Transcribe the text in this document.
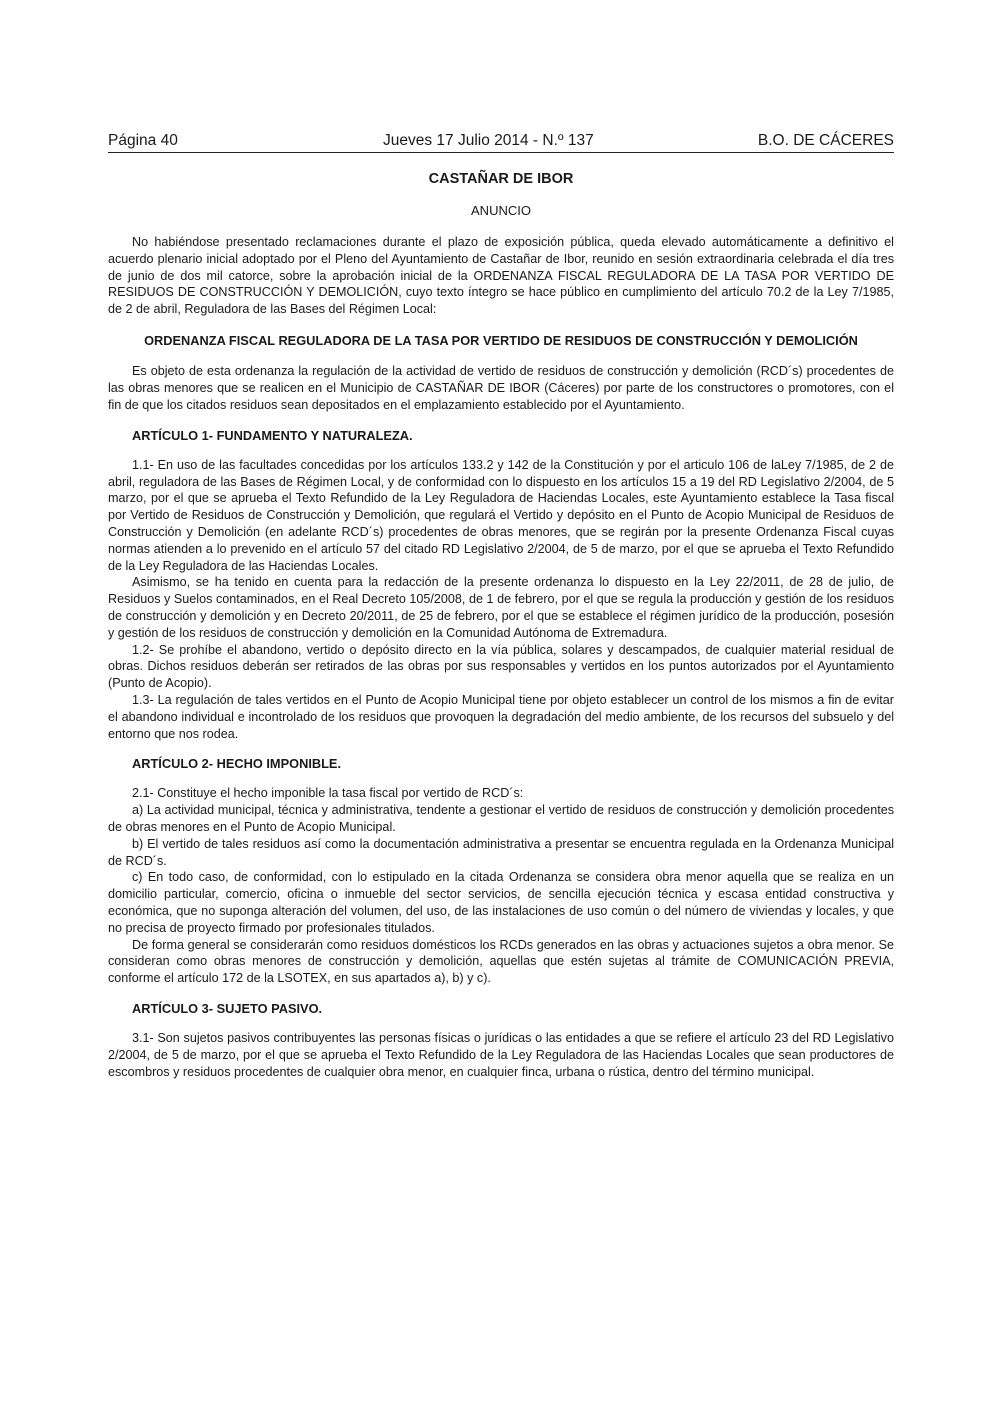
Página 40	Jueves 17 Julio 2014 - N.º 137	B.O. DE CÁCERES
CASTAÑAR DE IBOR
ANUNCIO

No habiéndose presentado reclamaciones durante el plazo de exposición pública, queda elevado automáticamente a definitivo el acuerdo plenario inicial adoptado por el Pleno del Ayuntamiento de Castañar de Ibor, reunido en sesión extraordinaria celebrada el día tres de junio de dos mil catorce, sobre la aprobación inicial de la ORDENANZA FISCAL REGULADORA DE LA TASA POR VERTIDO DE RESIDUOS DE CONSTRUCCIÓN Y DEMOLICIÓN, cuyo texto íntegro se hace público en cumplimiento del artículo 70.2 de la Ley 7/1985, de 2 de abril, Reguladora de las Bases del Régimen Local:

ORDENANZA FISCAL REGULADORA DE LA TASA POR VERTIDO DE RESIDUOS DE CONSTRUCCIÓN Y DEMOLICIÓN

Es objeto de esta ordenanza la regulación de la actividad de vertido de residuos de construcción y demolición (RCD´s) procedentes de las obras menores que se realicen en el Municipio de CASTAÑAR DE IBOR (Cáceres) por parte de los constructores o promotores, con el fin de que los citados residuos sean depositados en el emplazamiento establecido por el Ayuntamiento.

ARTÍCULO 1- FUNDAMENTO Y NATURALEZA.

1.1- En uso de las facultades concedidas por los artículos 133.2 y 142 de la Constitución y por el articulo 106 de laLey 7/1985, de 2 de abril, reguladora de las Bases de Régimen Local, y de conformidad con lo dispuesto en los artículos 15 a 19 del RD Legislativo 2/2004, de 5 marzo, por el que se aprueba el Texto Refundido de la Ley Reguladora de Haciendas Locales, este Ayuntamiento establece la Tasa fiscal por Vertido de Residuos de Construcción y Demolición, que regulará el Vertido y depósito en el Punto de Acopio Municipal de Residuos de Construcción y Demolición (en adelante RCD´s) procedentes de obras menores, que se regirán por la presente Ordenanza Fiscal cuyas normas atienden a lo prevenido en el artículo 57 del citado RD Legislativo 2/2004, de 5 de marzo, por el que se aprueba el Texto Refundido de la Ley Reguladora de las Haciendas Locales.

Asimismo, se ha tenido en cuenta para la redacción de la presente ordenanza lo dispuesto en la Ley 22/2011, de 28 de julio, de Residuos y Suelos contaminados, en el Real Decreto 105/2008, de 1 de febrero, por el que se regula la producción y gestión de los residuos de construcción y demolición y en Decreto 20/2011, de 25 de febrero, por el que se establece el régimen jurídico de la producción, posesión y gestión de los residuos de construcción y demolición en la Comunidad Autónoma de Extremadura.

1.2- Se prohíbe el abandono, vertido o depósito directo en la vía pública, solares y descampados, de cualquier material residual de obras. Dichos residuos deberán ser retirados de las obras por sus responsables y vertidos en los puntos autorizados por el Ayuntamiento (Punto de Acopio).

1.3- La regulación de tales vertidos en el Punto de Acopio Municipal tiene por objeto establecer un control de los mismos a fin de evitar el abandono individual e incontrolado de los residuos que provoquen la degradación del medio ambiente, de los recursos del subsuelo y del entorno que nos rodea.

ARTÍCULO 2- HECHO IMPONIBLE.

2.1- Constituye el hecho imponible la tasa fiscal por vertido de RCD´s:

a) La actividad municipal, técnica y administrativa, tendente a gestionar el vertido de residuos de construcción y demolición procedentes de obras menores en el Punto de Acopio Municipal.

b) El vertido de tales residuos así como la documentación administrativa a presentar se encuentra regulada en la Ordenanza Municipal de RCD´s.

c) En todo caso, de conformidad, con lo estipulado en la citada Ordenanza se considera obra menor aquella que se realiza en un domicilio particular, comercio, oficina o inmueble del sector servicios, de sencilla ejecución técnica y escasa entidad constructiva y económica, que no suponga alteración del volumen, del uso, de las instalaciones de uso común o del número de viviendas y locales, y que no precisa de proyecto firmado por profesionales titulados.

De forma general se considerarán como residuos domésticos los RCDs generados en las obras y actuaciones sujetos a obra menor. Se consideran como obras menores de construcción y demolición, aquellas que estén sujetas al trámite de COMUNICACIÓN PREVIA, conforme el artículo 172 de la LSOTEX, en sus apartados a), b) y c).

ARTÍCULO 3- SUJETO PASIVO.

3.1- Son sujetos pasivos contribuyentes las personas físicas o jurídicas o las entidades a que se refiere el artículo 23 del RD Legislativo 2/2004, de 5 de marzo, por el que se aprueba el Texto Refundido de la Ley Reguladora de las Haciendas Locales que sean productores de escombros y residuos procedentes de cualquier obra menor, en cualquier finca, urbana o rústica, dentro del término municipal.
